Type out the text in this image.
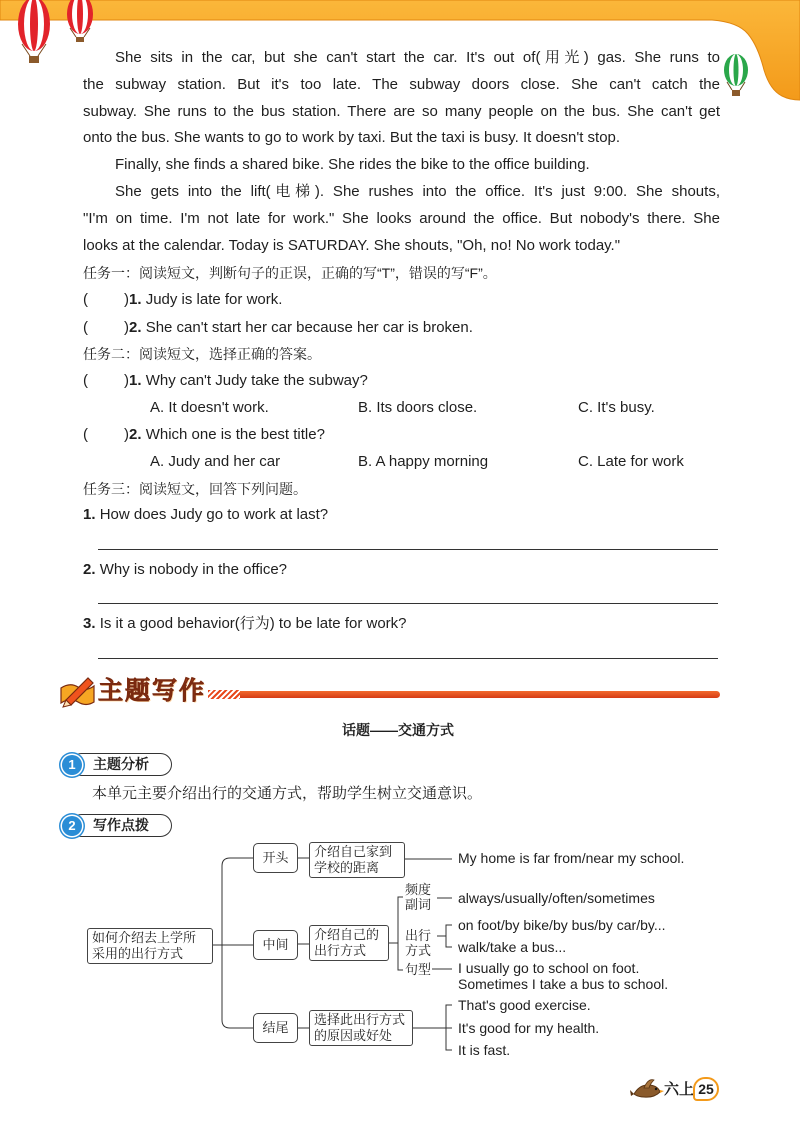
She sits in the car, but she can't start the car. It's out of(用光) gas. She runs to
the subway station. But it's too late. The subway doors close. She can't catch the
subway. She runs to the bus station. There are so many people on the bus. She can't get
onto the bus. She wants to go to work by taxi. But the taxi is busy. It doesn't stop.
Finally, she finds a shared bike. She rides the bike to the office building.
She gets into the lift(电梯). She rushes into the office. It's just 9:00. She shouts,
"I'm on time. I'm not late for work." She looks around the office. But nobody's there. She
looks at the calendar. Today is SATURDAY. She shouts, "Oh, no! No work today."
任务一：阅读短文，判断句子的正误，正确的写“T”，错误的写“F”。
( )1. Judy is late for work.
( )2. She can't start her car because her car is broken.
任务二：阅读短文，选择正确的答案。
( )1. Why can't Judy take the subway?
A. It doesn't work.	B. Its doors close.	C. It's busy.
( )2. Which one is the best title?
A. Judy and her car	B. A happy morning	C. Late for work
任务三：阅读短文，回答下列问题。
1. How does Judy go to work at last?
2. Why is nobody in the office?
3. Is it a good behavior(行为) to be late for work?
主题写作
话题——交通方式
主题分析
1
本单元主要介绍出行的交通方式，帮助学生树立交通意识。
写作点拨
2
如何介绍去上学所
采用的出行方式
开头
中间
结尾
介绍自己家到
学校的距离
介绍自己的
出行方式
选择此出行方式
的原因或好处
频度
副词
出行
方式
句型
My home is far from/near my school.
always/usually/often/sometimes
on foot/by bike/by bus/by car/by...
walk/take a bus...
I usually go to school on foot.
Sometimes I take a bus to school.
That's good exercise.
It's good for my health.
It is fast.
六上 25
